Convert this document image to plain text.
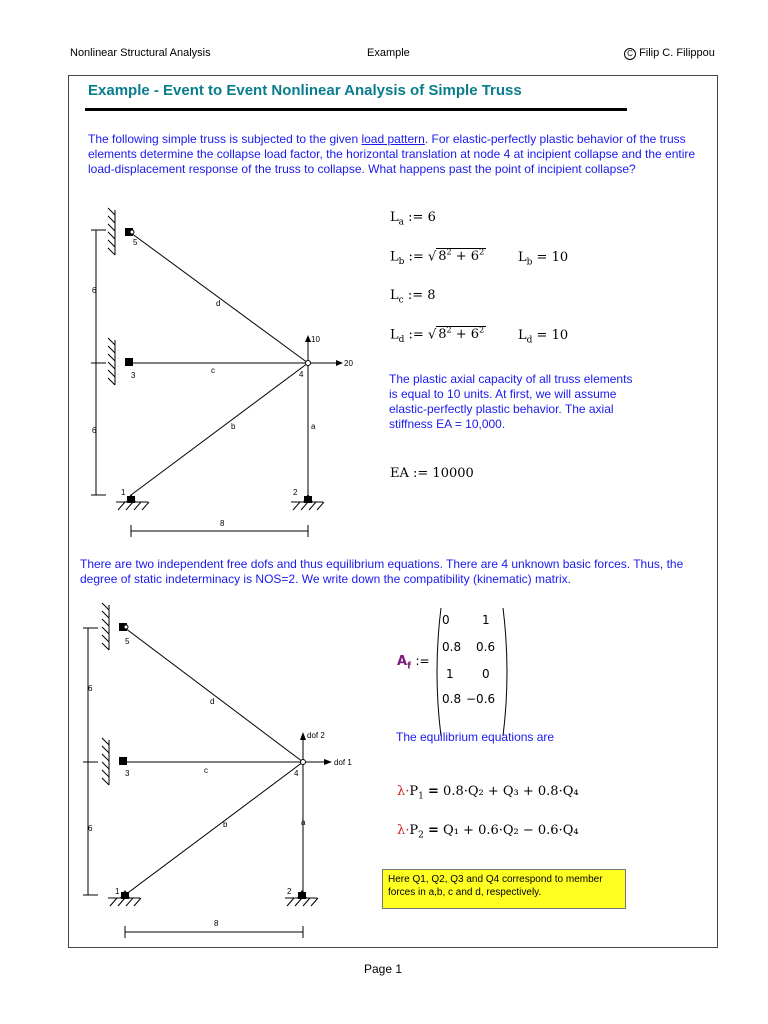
Nonlinear Structural Analysis	Example	C Filip C. Filippou
Example - Event to Event Nonlinear Analysis of Simple Truss
The following simple truss is subjected to the given load pattern. For elastic-perfectly plastic behavior of the truss elements determine the collapse load factor, the horizontal translation at node 4 at incipient collapse and the entire load-displacement response of the truss to collapse. What happens past the point of incipient collapse?
6
6
8
1	2
3	4
5
a
b
c
d
10
20
$L_a$ := 6
$L_b$ := √ $8^2 + 6^2$	$L_b = 10$
$L_c$ := 8
$L_d$ := √ $8^2 + 6^2$	$L_d = 10$
The plastic axial capacity of all truss elements is equal to 10 units. At first, we will assume elastic-perfectly plastic behavior. The axial stiffness EA = 10,000.
EA := 10000
There are two independent free dofs and thus equilibrium equations. There are 4 unknown basic forces. Thus, the degree of static indeterminacy is NOS=2. We write down the compatibility (kinematic) matrix.
6
6
8
1	2
3	4
5
a
b
c
d
dof 2
dof 1
$A_f$ :=
0	1
0.8 0.6
1 0
0.8 −0.6
The equilibrium equations are
$\lambda\cdot P_1 = 0.8\cdot Q_2 + Q_3 + 0.8\cdot Q_4$
$\lambda\cdot P_2 = Q_1 + 0.6\cdot Q_2 - 0.6\cdot Q_4$
Here Q1, Q2, Q3 and Q4 correspond to member forces in a,b, c and d, respectively.
Page 1
